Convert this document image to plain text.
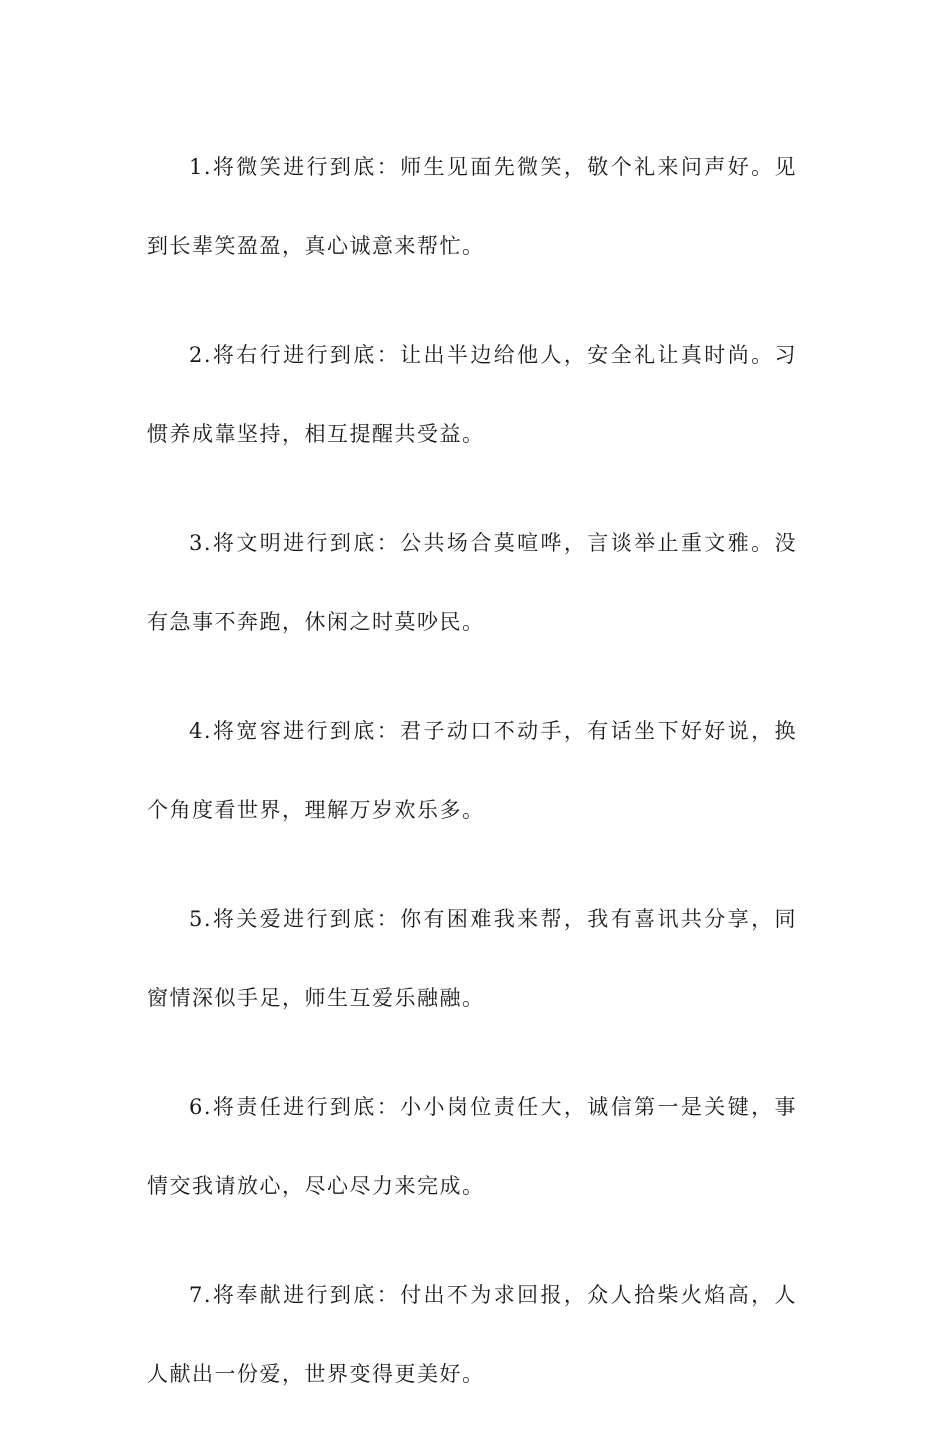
1.将微笑进行到底：师生见面先微笑，敬个礼来问声好。见到长辈笑盈盈，真心诚意来帮忙。

2.将右行进行到底：让出半边给他人，安全礼让真时尚。习惯养成靠坚持，相互提醒共受益。

3.将文明进行到底：公共场合莫喧哗，言谈举止重文雅。没有急事不奔跑，休闲之时莫吵民。

4.将宽容进行到底：君子动口不动手，有话坐下好好说，换个角度看世界，理解万岁欢乐多。

5.将关爱进行到底：你有困难我来帮，我有喜讯共分享，同窗情深似手足，师生互爱乐融融。

6.将责任进行到底：小小岗位责任大，诚信第一是关键，事情交我请放心，尽心尽力来完成。

7.将奉献进行到底：付出不为求回报，众人拾柴火焰高，人人献出一份爱，世界变得更美好。
